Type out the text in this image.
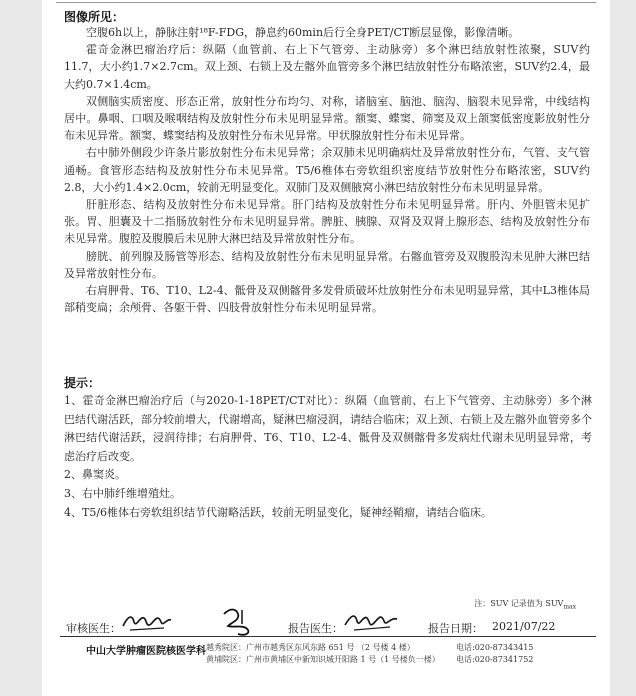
图像所见：

空腹6h以上，静脉注射¹⁸F-FDG，静息约60min后行全身PET/CT断层显像，影像清晰。

霍奇金淋巴瘤治疗后：纵隔（血管前、右上下气管旁、主动脉旁）多个淋巴结放射性浓聚，SUV约11.7，大小约1.7×2.7cm。双上颈、右锁上及左髂外血管旁多个淋巴结放射性分布略浓密，SUV约2.4，最大约0.7×1.4cm。

双侧脑实质密度、形态正常，放射性分布均匀、对称，诸脑室、脑池、脑沟、脑裂未见异常，中线结构居中。鼻咽、口咽及喉咽结构及放射性分布未见明显异常。额窦、蝶窦、筛窦及双上颌窦低密度影放射性分布未见异常。额窦、蝶窦结构及放射性分布未见异常。甲状腺放射性分布未见异常。

右中肺外侧段少许条片影放射性分布未见异常；余双肺未见明确病灶及异常放射性分布，气管、支气管通畅。食管形态结构及放射性分布未见异常。T5/6椎体右旁软组织密度结节放射性分布略浓密，SUV约2.8，大小约1.4×2.0cm，较前无明显变化。双肺门及双侧腋窝小淋巴结放射性分布未见明显异常。

肝脏形态、结构及放射性分布未见异常。肝门结构及放射性分布未见明显异常。肝内、外胆管未见扩张。胃、胆囊及十二指肠放射性分布未见明显异常。脾脏、胰腺、双肾及双肾上腺形态、结构及放射性分布未见异常。腹腔及腹膜后未见肿大淋巴结及异常放射性分布。

膀胱、前列腺及肠管等形态、结构及放射性分布未见明显异常。右髂血管旁及双腹股沟未见肿大淋巴结及异常放射性分布。

右肩胛骨、T6、T10、L2-4、骶骨及双侧髂骨多发骨质破坏灶放射性分布未见明显异常，其中L3椎体局部稍变扁；余颅骨、各躯干骨、四肢骨放射性分布未见明显异常。

提示：

1、霍奇金淋巴瘤治疗后（与2020-1-18PET/CT对比）：纵隔（血管前、右上下气管旁、主动脉旁）多个淋巴结代谢活跃，部分较前增大，代谢增高，疑淋巴瘤浸润，请结合临床；双上颈、右锁上及左髂外血管旁多个淋巴结代谢活跃，浸润待排；右肩胛骨、T6、T10、L2-4、骶骨及双侧髂骨多发病灶代谢未见明显异常，考虑治疗后改变。

2、鼻窦炎。

3、右中肺纤维增殖灶。

4、T5/6椎体右旁软组织结节代谢略活跃，较前无明显变化，疑神经鞘瘤，请结合临床。

注：SUV 记录值为 $SUV_{max}$
审核医生：	报告医生：	报告日期： 2021/07/22
中山大学肿瘤医院核医学科 越秀院区：广州市越秀区东风东路 651 号 （2 号楼 4 楼）	电话:020-87343415
黄埔院区：广州市黄埔区中新知识城开阳路 1 号（1 号楼负一楼） 电话:020-87341752
